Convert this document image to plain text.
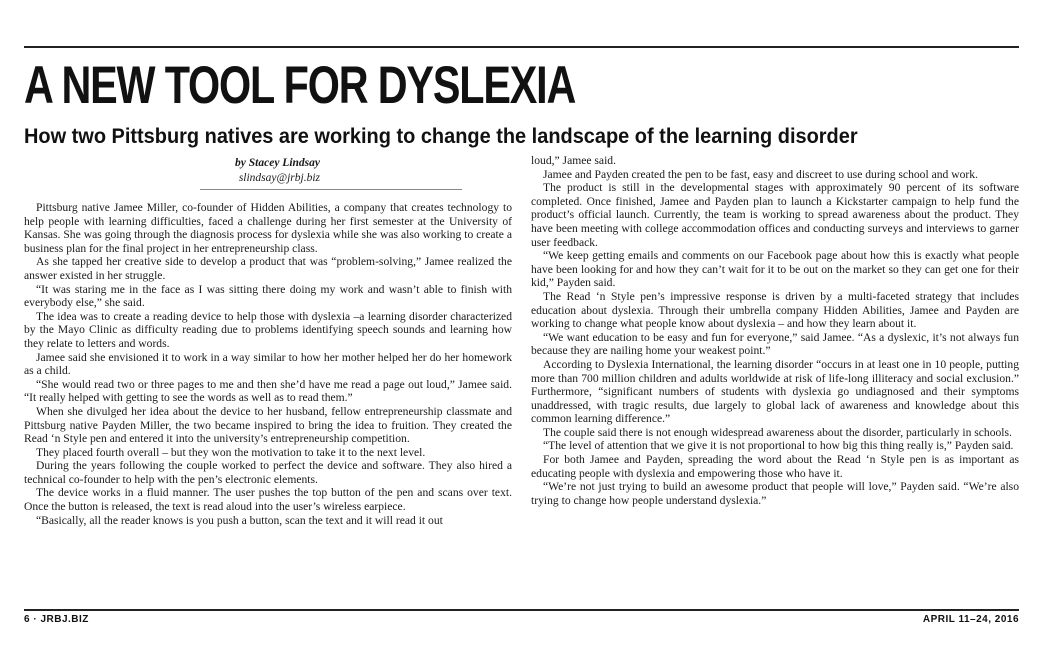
A NEW TOOL FOR DYSLEXIA
How two Pittsburg natives are working to change the landscape of the learning disorder
by Stacey Lindsay
slindsay@jrbj.biz

Pittsburg native Jamee Miller, co-founder of Hidden Abilities, a company that creates technology to help people with learning difficulties, faced a challenge during her first semester at the University of Kansas. She was going through the diagnosis process for dyslexia while she was also working to create a business plan for the final project in her entrepreneurship class.

As she tapped her creative side to develop a product that was “problem-solving,” Jamee realized the answer existed in her struggle.

“It was staring me in the face as I was sitting there doing my work and wasn’t able to finish with everybody else,” she said.

The idea was to create a reading device to help those with dyslexia –a learning disorder characterized by the Mayo Clinic as difficulty reading due to problems identifying speech sounds and learning how they relate to letters and words.

Jamee said she envisioned it to work in a way similar to how her mother helped her do her homework as a child.

“She would read two or three pages to me and then she’d have me read a page out loud,” Jamee said. “It really helped with getting to see the words as well as to read them.”

When she divulged her idea about the device to her husband, fellow entrepreneurship classmate and Pittsburg native Payden Miller, the two became inspired to bring the idea to fruition. They created the Read ‘n Style pen and entered it into the university’s entrepreneurship competition.

They placed fourth overall – but they won the motivation to take it to the next level.

During the years following the couple worked to perfect the device and software. They also hired a technical co-founder to help with the pen’s electronic elements.

The device works in a fluid manner. The user pushes the top button of the pen and scans over text. Once the button is released, the text is read aloud into the user’s wireless earpiece.

“Basically, all the reader knows is you push a button, scan the text and it will read it out

loud,” Jamee said.

Jamee and Payden created the pen to be fast, easy and discreet to use during school and work.

The product is still in the developmental stages with approximately 90 percent of its software completed. Once finished, Jamee and Payden plan to launch a Kickstarter campaign to help fund the product’s official launch. Currently, the team is working to spread awareness about the product. They have been meeting with college accommodation offices and conducting surveys and interviews to garner user feedback.

“We keep getting emails and comments on our Facebook page about how this is exactly what people have been looking for and how they can’t wait for it to be out on the market so they can get one for their kid,” Payden said.

The Read ‘n Style pen’s impressive response is driven by a multi-faceted strategy that includes education about dyslexia. Through their umbrella company Hidden Abilities, Jamee and Payden are working to change what people know about dyslexia – and how they learn about it.

“We want education to be easy and fun for everyone,” said Jamee. “As a dyslexic, it’s not always fun because they are nailing home your weakest point.”

According to Dyslexia International, the learning disorder “occurs in at least one in 10 people, putting more than 700 million children and adults worldwide at risk of life-long illiteracy and social exclusion.” Furthermore, “significant numbers of students with dyslexia go undiagnosed and their symptoms unaddressed, with tragic results, due largely to global lack of awareness and knowledge about this common learning difference.”

The couple said there is not enough widespread awareness about the disorder, particularly in schools.

“The level of attention that we give it is not proportional to how big this thing really is,” Payden said.

For both Jamee and Payden, spreading the word about the Read ‘n Style pen is as important as educating people with dyslexia and empowering those who have it.

“We’re not just trying to build an awesome product that people will love,” Payden said. “We’re also trying to change how people understand dyslexia.”

6 · JRBJ.BIZ	APRIL 11–24, 2016
